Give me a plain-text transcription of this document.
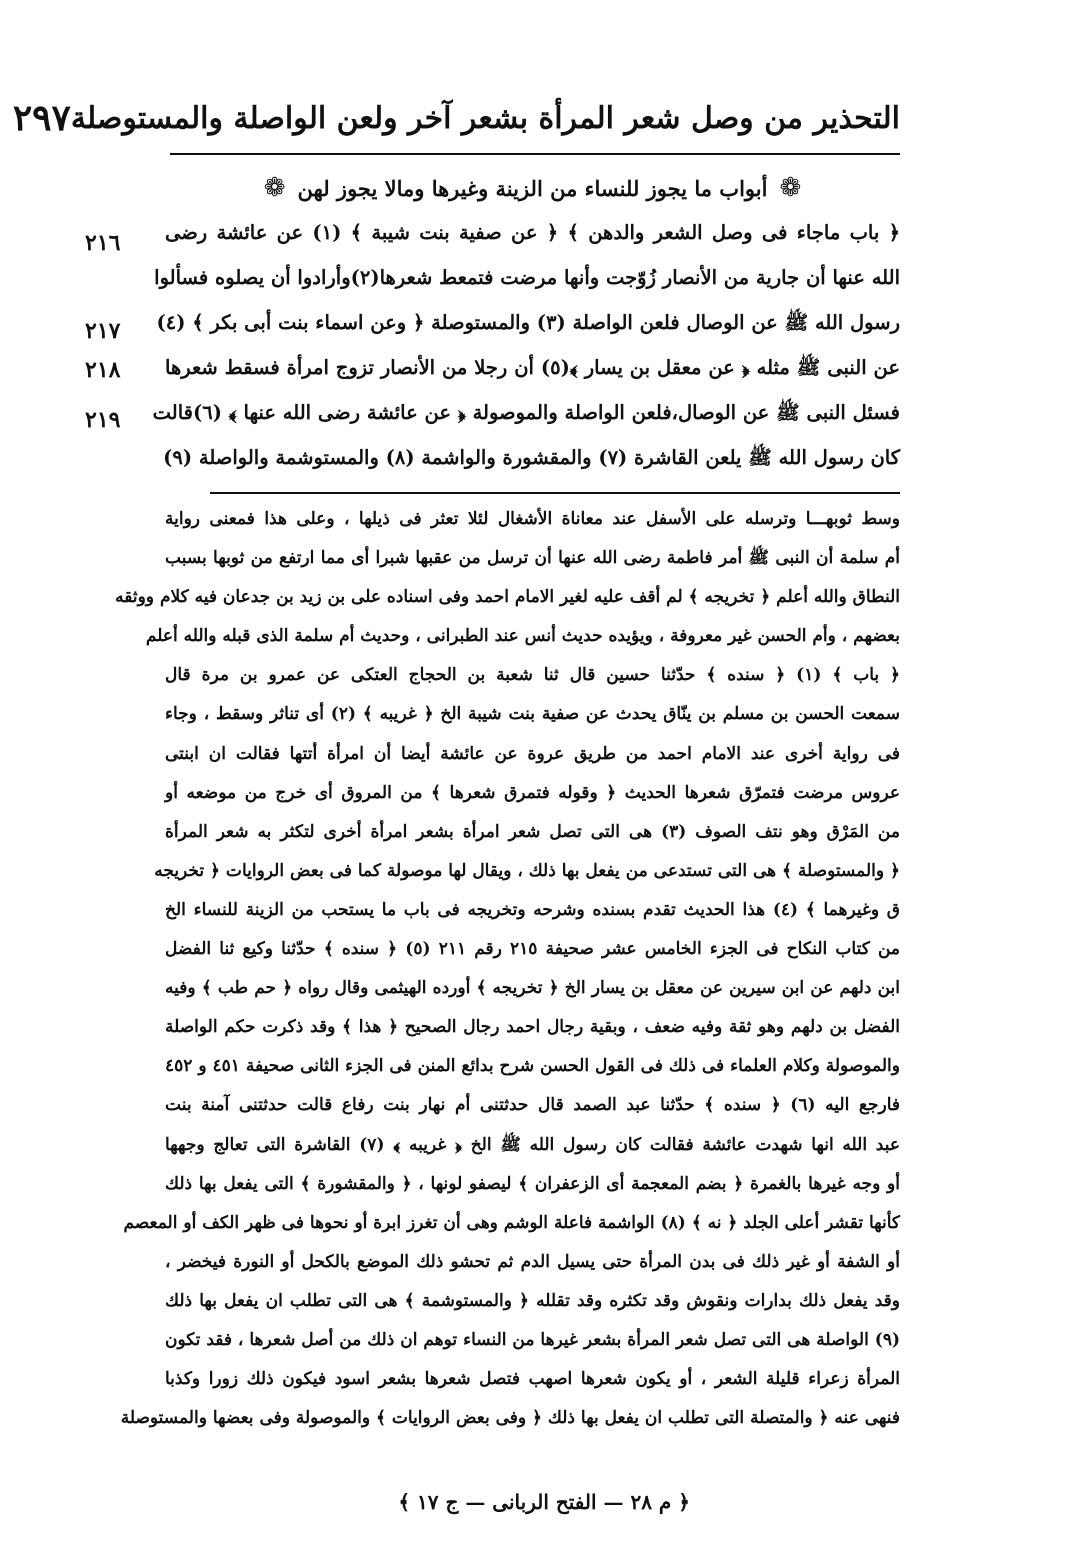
التحذير من وصل شعر المرأة بشعر آخر ولعن الواصلة والمستوصلة
٢٩٧
❁
أبواب ما يجوز للنساء من الزينة وغيرها ومالا يجوز لهن
❁
٢١٦
٢١٧
٢١٨
٢١٩
﴿ باب ماجاء فى وصل الشعر والدهن ﴾ ﴿ عن صفية بنت شيبة ﴾ (١) عن عائشة رضى
الله عنها أن جارية من الأنصار زُوّجت وأنها مرضت فتمعط شعرها(٢)وأرادوا أن يصلوه فسألوا
رسول الله ﷺ عن الوصال فلعن الواصلة (٣) والمستوصلة ﴿ وعن اسماء بنت أبى بكر ﴾ (٤)
عن النبى ﷺ مثله ﴿ عن معقل بن يسار ﴾(٥) أن رجلا من الأنصار تزوج امرأة فسقط شعرها
فسئل النبى ﷺ عن الوصال،فلعن الواصلة والموصولة ﴿ عن عائشة رضى الله عنها ﴾ (٦)قالت
كان رسول الله ﷺ يلعن القاشرة (٧) والمقشورة والواشمة (٨) والمستوشمة والواصلة (٩)
وسط ثوبهـــا وترسله على الأسفل عند معاناة الأشغال لئلا تعثر فى ذيلها ، وعلى هذا فمعنى رواية
أم سلمة أن النبى ﷺ أمر فاطمة رضى الله عنها أن ترسل من عقبها شبرا أى مما ارتفع من ثوبها بسبب
النطاق والله أعلم ﴿ تخريجه ﴾ لم أقف عليه لغير الامام احمد وفى اسناده على بن زيد بن جدعان فيه كلام ووثقه
بعضهم ، وأم الحسن غير معروفة ، ويؤيده حديث أنس عند الطبرانى ، وحديث أم سلمة الذى قبله والله أعلم
﴿ باب ﴾ (١) ﴿ سنده ﴾ حدّثنا حسين قال ثنا شعبة بن الحجاج العتكى عن عمرو بن مرة قال
سمعت الحسن بن مسلم بن ينّاق يحدث عن صفية بنت شيبة الخ ﴿ غريبه ﴾ (٢) أى تناثر وسقط ، وجاء
فى رواية أخرى عند الامام احمد من طريق عروة عن عائشة أيضا أن امرأة أتتها فقالت ان ابنتى
عروس مرضت فتمرّق شعرها الحديث ﴿ وقوله فتمرق شعرها ﴾ من المروق أى خرج من موضعه أو
من المَرْق وهو نتف الصوف (٣) هى التى تصل شعر امرأة بشعر امرأة أخرى لتكثر به شعر المرأة
﴿ والمستوصلة ﴾ هى التى تستدعى من يفعل بها ذلك ، ويقال لها موصولة كما فى بعض الروايات ﴿ تخريجه
ق وغيرهما ﴾ (٤) هذا الحديث تقدم بسنده وشرحه وتخريجه فى باب ما يستحب من الزينة للنساء الخ
من كتاب النكاح فى الجزء الخامس عشر صحيفة ٢١٥ رقم ٢١١ (٥) ﴿ سنده ﴾ حدّثنا وكيع ثنا الفضل
ابن دلهم عن ابن سيرين عن معقل بن يسار الخ ﴿ تخريجه ﴾ أورده الهيثمى وقال رواه ﴿ حم طب ﴾ وفيه
الفضل بن دلهم وهو ثقة وفيه ضعف ، وبقية رجال احمد رجال الصحيح ﴿ هذا ﴾ وقد ذكرت حكم الواصلة
والموصولة وكلام العلماء فى ذلك فى القول الحسن شرح بدائع المنن فى الجزء الثانى صحيفة ٤٥١ و ٤٥٢
فارجع اليه (٦) ﴿ سنده ﴾ حدّثنا عبد الصمد قال حدثتنى أم نهار بنت رفاع قالت حدثتنى آمنة بنت
عبد الله انها شهدت عائشة فقالت كان رسول الله ﷺ الخ ﴿ غريبه ﴾ (٧) القاشرة التى تعالج وجهها
أو وجه غيرها بالغمرة ﴿ بضم المعجمة أى الزعفران ﴾ ليصفو لونها ، ﴿ والمقشورة ﴾ التى يفعل بها ذلك
كأنها تقشر أعلى الجلد ﴿ نه ﴾ (٨) الواشمة فاعلة الوشم وهى أن تغرز ابرة أو نحوها فى ظهر الكف أو المعصم
أو الشفة أو غير ذلك فى بدن المرأة حتى يسيل الدم ثم تحشو ذلك الموضع بالكحل أو النورة فيخضر ،
وقد يفعل ذلك بدارات ونقوش وقد تكثره وقد تقلله ﴿ والمستوشمة ﴾ هى التى تطلب ان يفعل بها ذلك
(٩) الواصلة هى التى تصل شعر المرأة بشعر غيرها من النساء توهم ان ذلك من أصل شعرها ، فقد تكون
المرأة زعراء قليلة الشعر ، أو يكون شعرها اصهب فتصل شعرها بشعر اسود فيكون ذلك زورا وكذبا
فنهى عنه ﴿ والمتصلة التى تطلب ان يفعل بها ذلك ﴿ وفى بعض الروايات ﴾ والموصولة وفى بعضها والمستوصلة
﴿ م ٢٨ — الفتح الربانى — ج ١٧ ﴾
